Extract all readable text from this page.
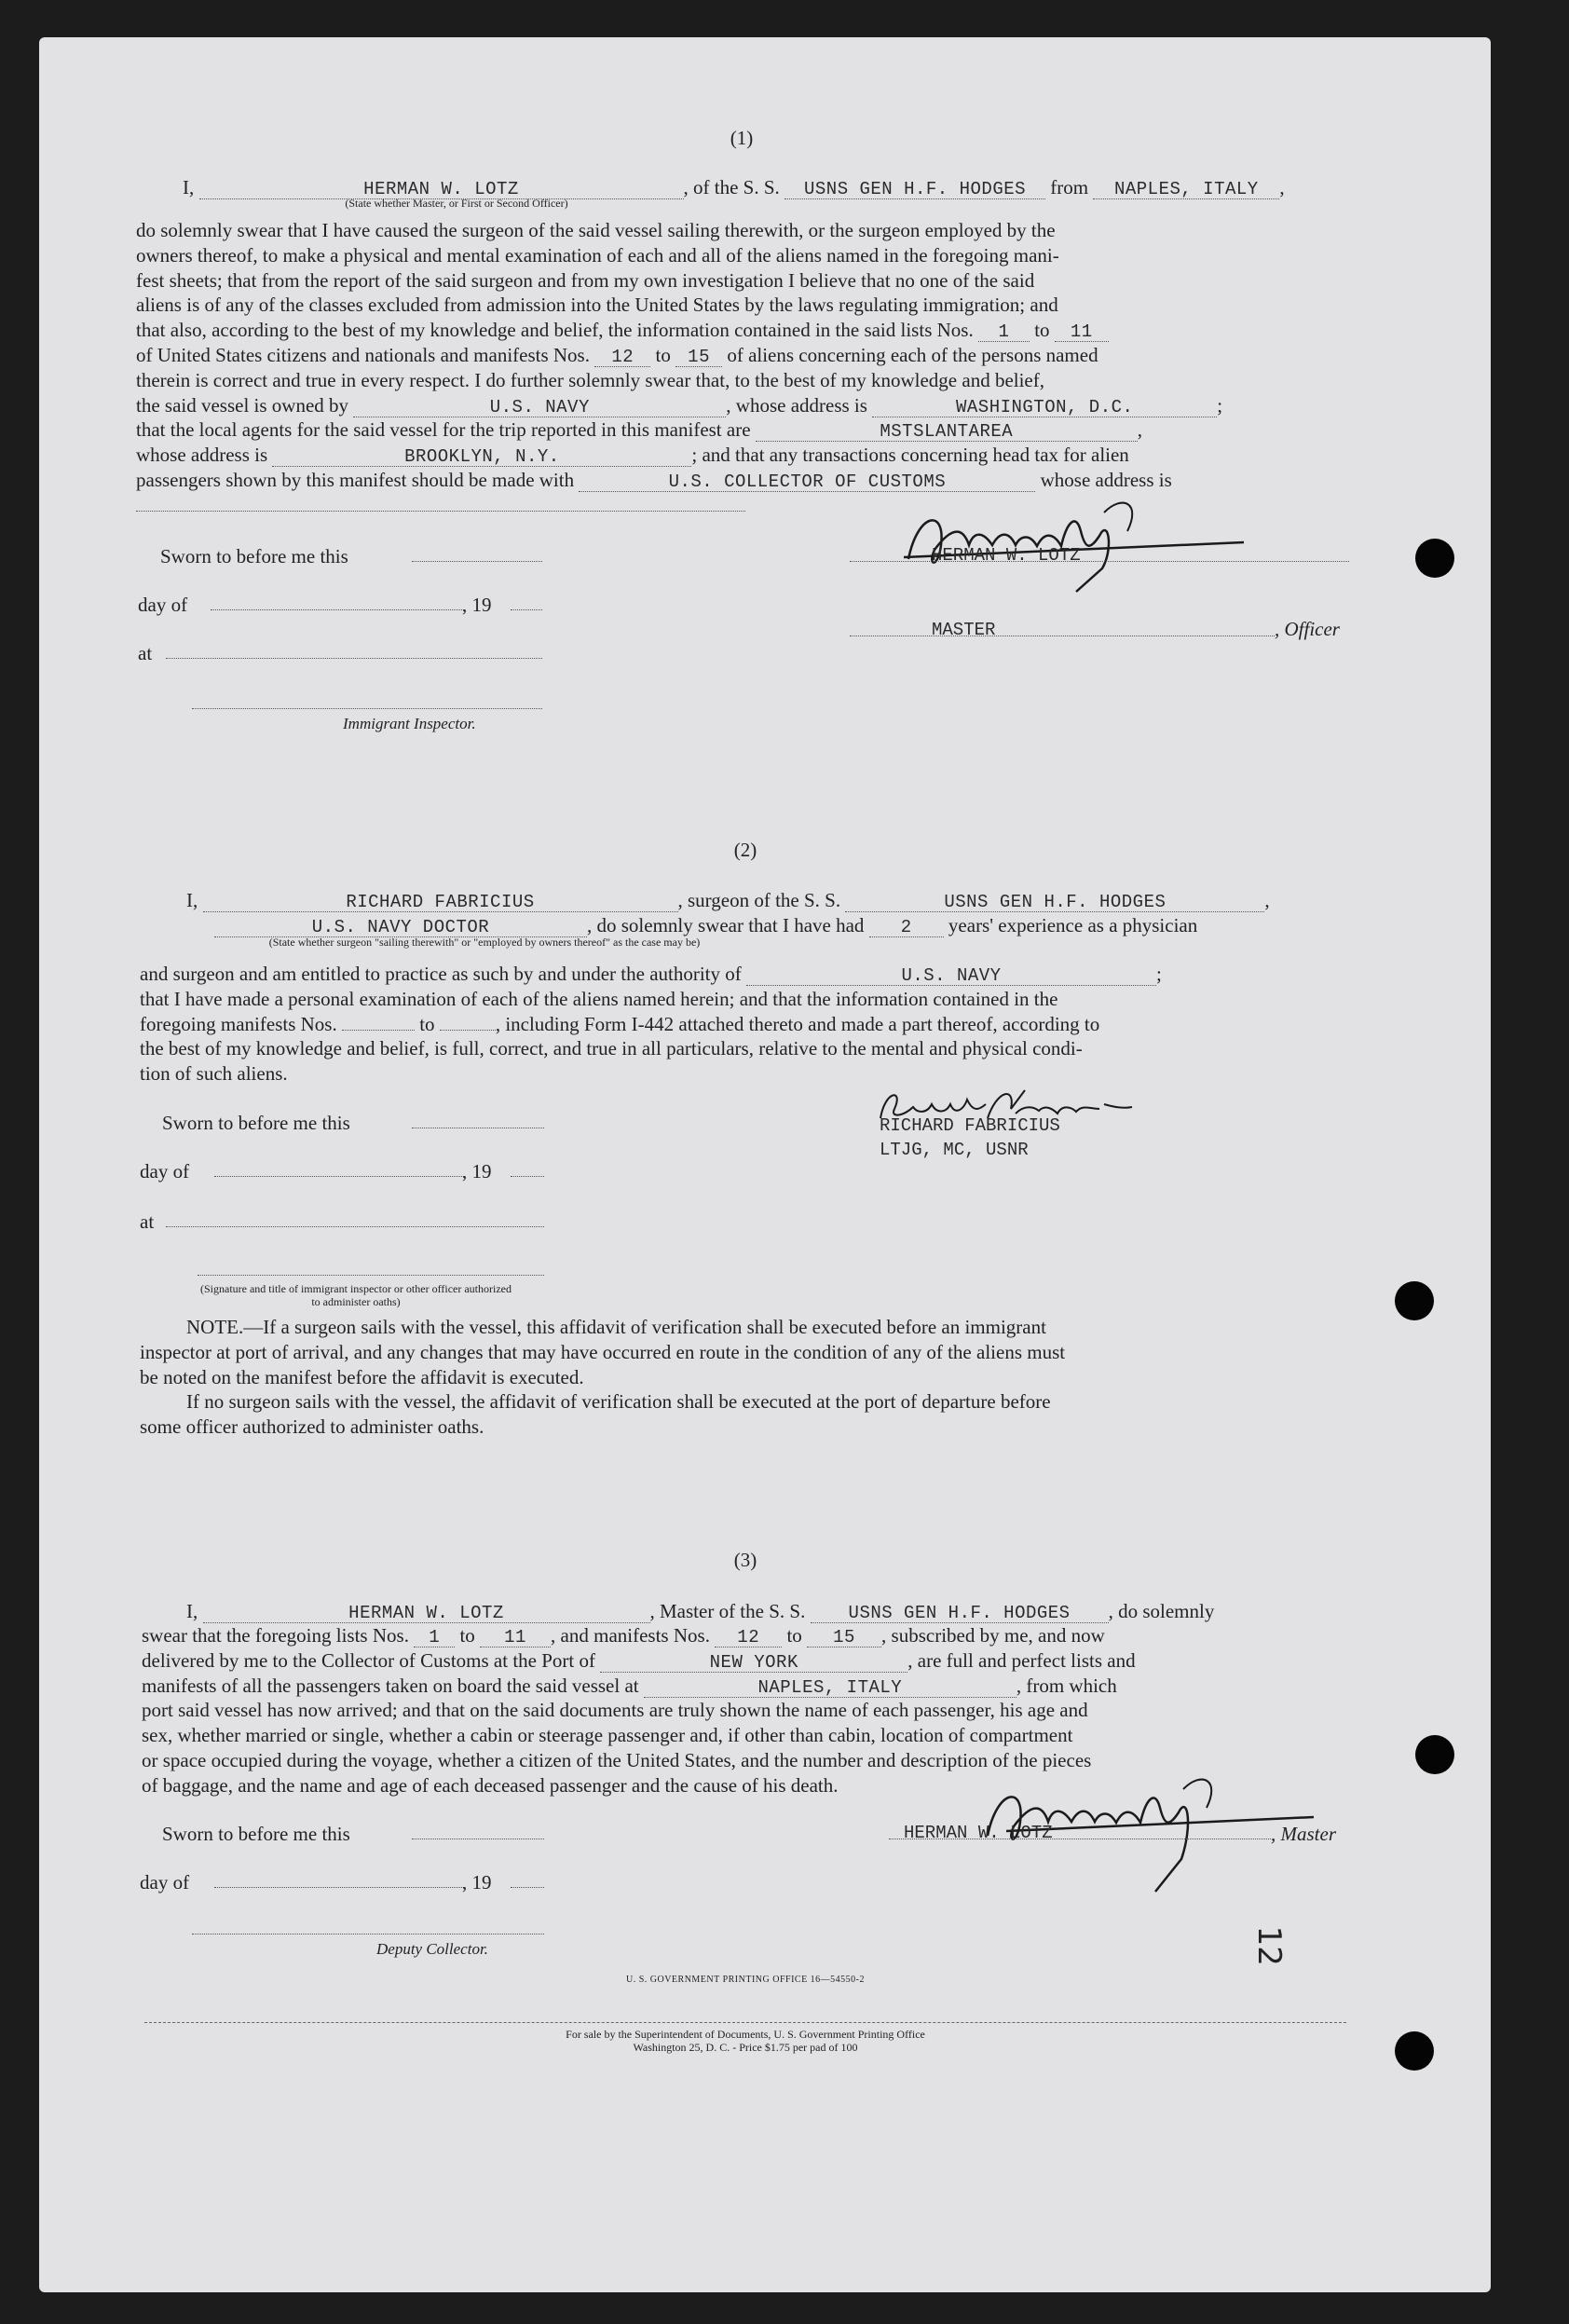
(1)
I,	HERMAN W. LOTZ	, of the S. S. USNS GEN H.F. HODGES from NAPLES, ITALY ,
(State whether Master, or First or Second Officer)
do solemnly swear that I have caused the surgeon of the said vessel sailing therewith, or the surgeon employed by the
owners thereof, to make a physical and mental examination of each and all of the aliens named in the foregoing mani-
fest sheets; that from the report of the said surgeon and from my own investigation I believe that no one of the said
aliens is of any of the classes excluded from admission into the United States by the laws regulating immigration; and
that also, according to the best of my knowledge and belief, the information contained in the said lists Nos. 1 to 11
of United States citizens and nationals and manifests Nos. 12 to 15 of aliens concerning each of the persons named
therein is correct and true in every respect. I do further solemnly swear that, to the best of my knowledge and belief,
the said vessel is owned by	U.S. NAVY	, whose address is	WASHINGTON, D.C.	;
that the local agents for the said vessel for the trip reported in this manifest are	MSTSLANTAREA	,
whose address is	BROOKLYN, N.Y.	; and that any transactions concerning head tax for alien
passengers shown by this manifest should be made with	U.S. COLLECTOR OF CUSTOMS	whose address is
Sworn to before me this
day of	, 19
at
Immigrant Inspector.
HERMAN W. LOTZ
MASTER	, Officer
(2)
I,	RICHARD FABRICIUS	, surgeon of the S. S.	USNS GEN H.F. HODGES	,
U.S. NAVY DOCTOR	, do solemnly swear that I have had 2 years' experience as a physician
(State whether surgeon "sailing therewith" or "employed by owners thereof" as the case may be)
and surgeon and am entitled to practice as such by and under the authority of	U.S. NAVY	;
that I have made a personal examination of each of the aliens named herein; and that the information contained in the
foregoing manifests Nos.	to	, including Form I-442 attached thereto and made a part thereof, according to
the best of my knowledge and belief, is full, correct, and true in all particulars, relative to the mental and physical condi-
tion of such aliens.
Sworn to before me this
day of	, 19
at
(Signature and title of immigrant inspector or other officer authorized to administer oaths)
RICHARD FABRICIUS
LTJG, MC, USNR
NOTE.—If a surgeon sails with the vessel, this affidavit of verification shall be executed before an immigrant
inspector at port of arrival, and any changes that may have occurred en route in the condition of any of the aliens must
be noted on the manifest before the affidavit is executed.
If no surgeon sails with the vessel, the affidavit of verification shall be executed at the port of departure before
some officer authorized to administer oaths.
(3)
I,	HERMAN W. LOTZ	, Master of the S. S. USNS GEN H.F. HODGES , do solemnly
swear that the foregoing lists Nos. 1 to 11 , and manifests Nos. 12 to 15 , subscribed by me, and now
delivered by me to the Collector of Customs at the Port of	NEW YORK	, are full and perfect lists and
manifests of all the passengers taken on board the said vessel at	NAPLES, ITALY	, from which
port said vessel has now arrived; and that on the said documents are truly shown the name of each passenger, his age and
sex, whether married or single, whether a cabin or steerage passenger and, if other than cabin, location of compartment
or space occupied during the voyage, whether a citizen of the United States, and the number and description of the pieces
of baggage, and the name and age of each deceased passenger and the cause of his death.
Sworn to before me this
day of	, 19
Deputy Collector.
HERMAN W. LOTZ	, Master
U. S. GOVERNMENT PRINTING OFFICE 16—54550-2
For sale by the Superintendent of Documents, U. S. Government Printing Office
Washington 25, D. C. - Price $1.75 per pad of 100
12
